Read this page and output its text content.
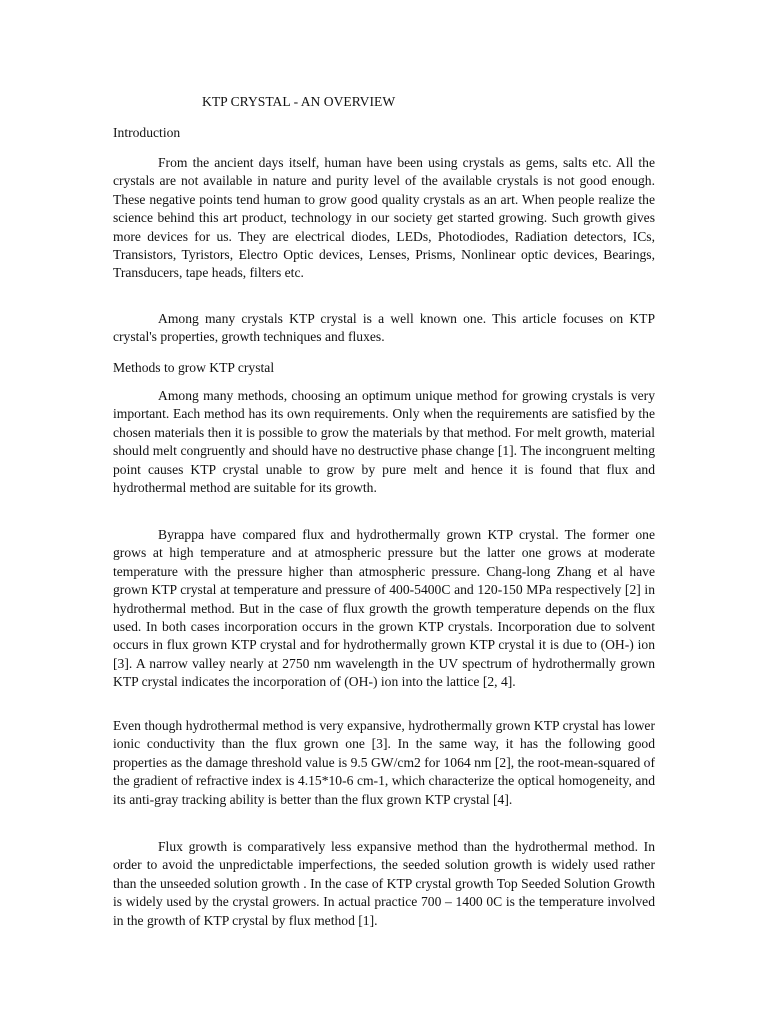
KTP CRYSTAL - AN OVERVIEW
Introduction

From the ancient days itself, human have been using crystals as gems, salts etc. All the crystals are not available in nature and purity level of the available crystals is not good enough. These negative points tend human to grow good quality crystals as an art. When people realize the science behind this art product, technology in our society get started growing. Such growth gives more devices for us. They are electrical diodes, LEDs, Photodiodes, Radiation detectors, ICs, Transistors, Tyristors, Electro Optic devices, Lenses, Prisms, Nonlinear optic devices, Bearings, Transducers, tape heads, filters etc.

Among many crystals KTP crystal is a well known one. This article focuses on KTP crystal's properties, growth techniques and fluxes.

Methods to grow KTP crystal

Among many methods, choosing an optimum unique method for growing crystals is very important. Each method has its own requirements. Only when the requirements are satisfied by the chosen materials then it is possible to grow the materials by that method. For melt growth, material should melt congruently and should have no destructive phase change [1]. The incongruent melting point causes KTP crystal unable to grow by pure melt and hence it is found that flux and hydrothermal method are suitable for its growth.

Byrappa have compared flux and hydrothermally grown KTP crystal. The former one grows at high temperature and at atmospheric pressure but the latter one grows at moderate temperature with the pressure higher than atmospheric pressure. Chang-long Zhang et al have grown KTP crystal at temperature and pressure of 400-5400C and 120-150 MPa respectively [2] in hydrothermal method. But in the case of flux growth the growth temperature depends on the flux used. In both cases incorporation occurs in the grown KTP crystals. Incorporation due to solvent occurs in flux grown KTP crystal and for hydrothermally grown KTP crystal it is due to (OH-) ion [3]. A narrow valley nearly at 2750 nm wavelength in the UV spectrum of hydrothermally grown KTP crystal indicates the incorporation of (OH-) ion into the lattice [2, 4].

Even though hydrothermal method is very expansive, hydrothermally grown KTP crystal has lower ionic conductivity than the flux grown one [3]. In the same way, it has the following good properties as the damage threshold value is 9.5 GW/cm2 for 1064 nm [2], the root-mean-squared of the gradient of refractive index is 4.15*10-6 cm-1, which characterize the optical homogeneity, and its anti-gray tracking ability is better than the flux grown KTP crystal [4].

Flux growth is comparatively less expansive method than the hydrothermal method. In order to avoid the unpredictable imperfections, the seeded solution growth is widely used rather than the unseeded solution growth . In the case of KTP crystal growth Top Seeded Solution Growth is widely used by the crystal growers. In actual practice 700 – 1400 0C is the temperature involved in the growth of KTP crystal by flux method [1].
